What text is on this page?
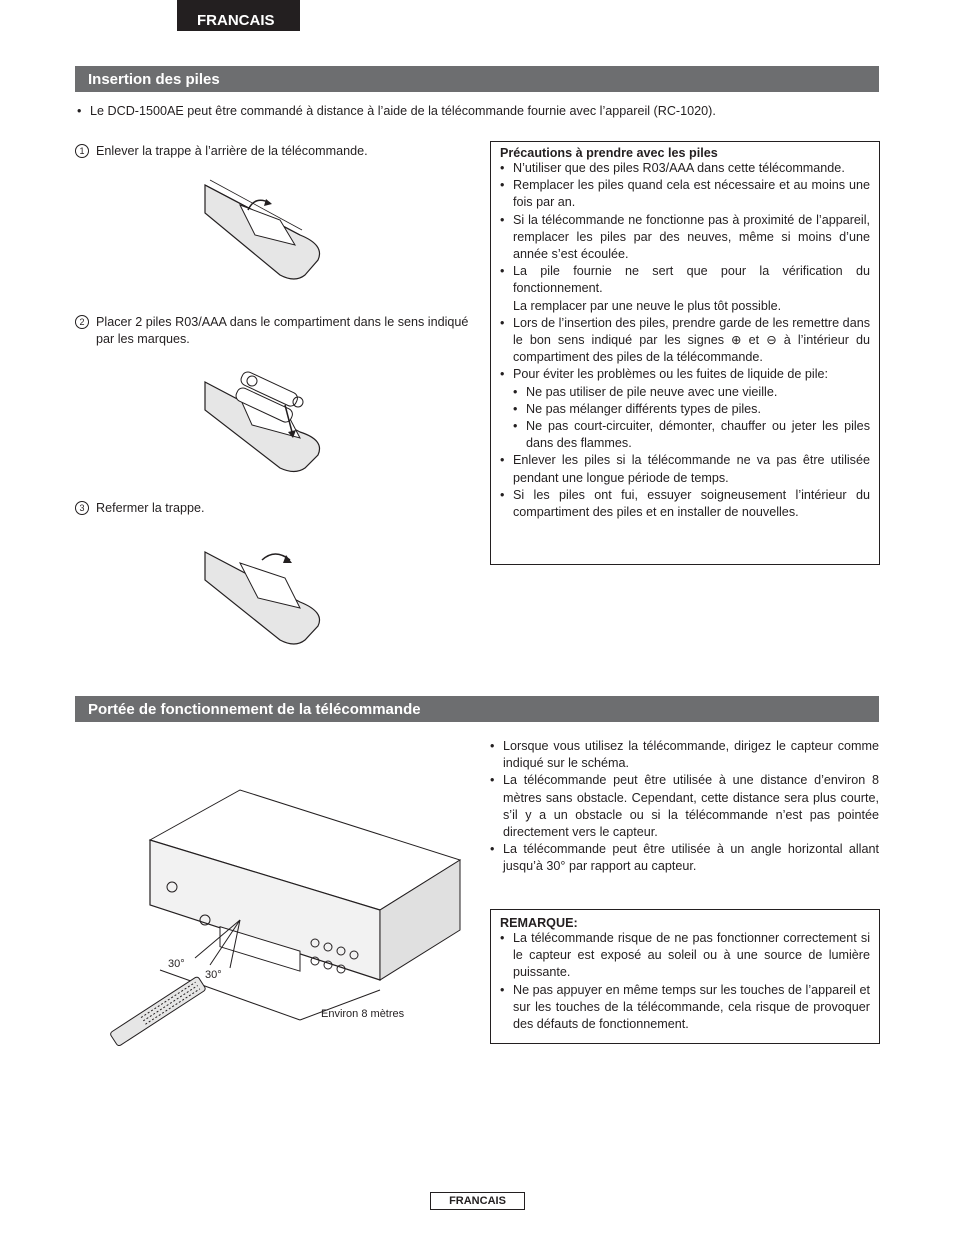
FRANCAIS
Insertion des piles
• Le DCD-1500AE peut être commandé à distance à l’aide de la télécommande fournie avec l’appareil (RC-1020).
1 Enlever la trappe à l’arrière de la télécommande.
2 Placer 2 piles R03/AAA dans le compartiment dans le sens indiqué par les marques.
3 Refermer la trappe.
Précautions à prendre avec les piles
• N’utiliser que des piles R03/AAA dans cette télécommande.
• Remplacer les piles quand cela est nécessaire et au moins une fois par an.
• Si la télécommande ne fonctionne pas à proximité de l’appareil, remplacer les piles par des neuves, même si moins d’une année s’est écoulée.
• La pile fournie ne sert que pour la vérification du fonctionnement.
La remplacer par une neuve le plus tôt possible.
• Lors de l’insertion des piles, prendre garde de les remettre dans le bon sens indiqué par les signes ⊕ et ⊖ à l’intérieur du compartiment des piles de la télécommande.
• Pour éviter les problèmes ou les fuites de liquide de pile:
• Ne pas utiliser de pile neuve avec une vieille.
• Ne pas mélanger différents types de piles.
• Ne pas court-circuiter, démonter, chauffer ou jeter les piles dans des flammes.
• Enlever les piles si la télécommande ne va pas être utilisée pendant une longue période de temps.
• Si les piles ont fui, essuyer soigneusement l’intérieur du compartiment des piles et en installer de nouvelles.
Portée de fonctionnement de la télécommande
• Lorsque vous utilisez la télécommande, dirigez le capteur comme indiqué sur le schéma.
• La télécommande peut être utilisée à une distance d’environ 8 mètres sans obstacle. Cependant, cette distance sera plus courte, s’il y a un obstacle ou si la télécommande n’est pas pointée directement vers le capteur.
• La télécommande peut être utilisée à un angle horizontal allant jusqu’à 30° par rapport au capteur.
30°
30°
Environ 8 mètres
REMARQUE:
• La télécommande risque de ne pas fonctionner correctement si le capteur est exposé au soleil ou à une source de lumière puissante.
• Ne pas appuyer en même temps sur les touches de l’appareil et sur les touches de la télécommande, cela risque de provoquer des défauts de fonctionnement.
FRANCAIS
